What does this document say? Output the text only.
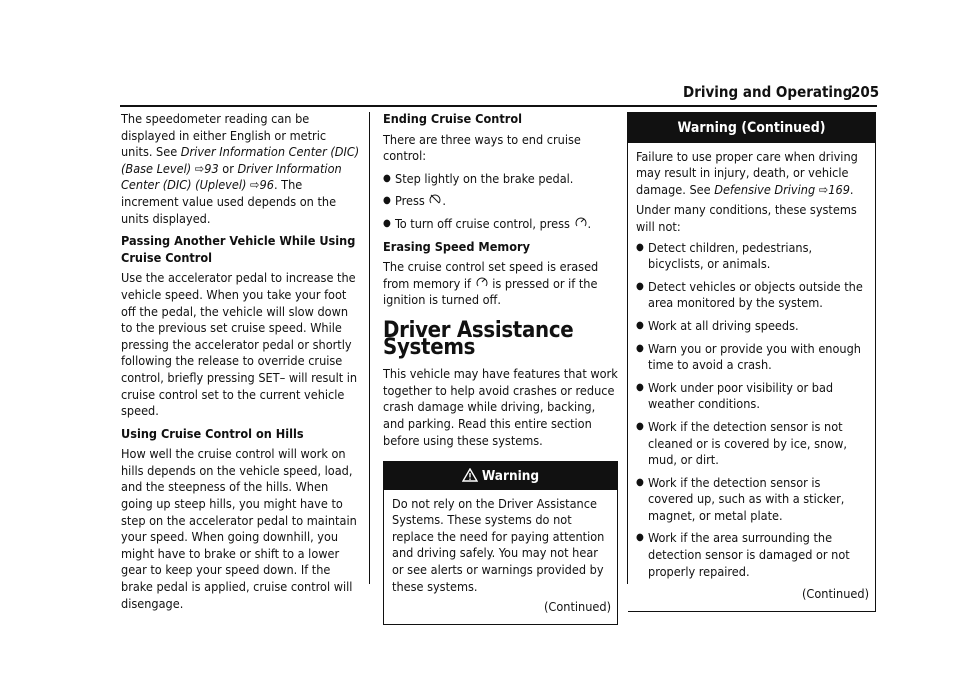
Driving and Operating
205

The speedometer reading can be displayed in either English or metric units. See Driver Information Center (DIC) (Base Level) ⇨93 or Driver Information Center (DIC) (Uplevel) ⇨96. The increment value used depends on the units displayed.

Passing Another Vehicle While Using Cruise Control

Use the accelerator pedal to increase the vehicle speed. When you take your foot off the pedal, the vehicle will slow down to the previous set cruise speed. While pressing the accelerator pedal or shortly following the release to override cruise control, briefly pressing SET– will result in cruise control set to the current vehicle speed.

Using Cruise Control on Hills

How well the cruise control will work on hills depends on the vehicle speed, load, and the steepness of the hills. When going up steep hills, you might have to step on the accelerator pedal to maintain your speed. When going downhill, you might have to brake or shift to a lower gear to keep your speed down. If the brake pedal is applied, cruise control will disengage.

Ending Cruise Control

There are three ways to end cruise control:

● Step lightly on the brake pedal.
● Press .
● To turn off cruise control, press .

Erasing Speed Memory

The cruise control set speed is erased from memory if  is pressed or if the ignition is turned off.

Driver Assistance Systems

This vehicle may have features that work together to help avoid crashes or reduce crash damage while driving, backing, and parking. Read this entire section before using these systems.

Warning

Do not rely on the Driver Assistance Systems. These systems do not replace the need for paying attention and driving safely. You may not hear or see alerts or warnings provided by these systems.

(Continued)

Warning (Continued)

Failure to use proper care when driving may result in injury, death, or vehicle damage. See Defensive Driving ⇨169.

Under many conditions, these systems will not:

● Detect children, pedestrians, bicyclists, or animals.
● Detect vehicles or objects outside the area monitored by the system.
● Work at all driving speeds.
● Warn you or provide you with enough time to avoid a crash.
● Work under poor visibility or bad weather conditions.
● Work if the detection sensor is not cleaned or is covered by ice, snow, mud, or dirt.
● Work if the detection sensor is covered up, such as with a sticker, magnet, or metal plate.
● Work if the area surrounding the detection sensor is damaged or not properly repaired.

(Continued)
